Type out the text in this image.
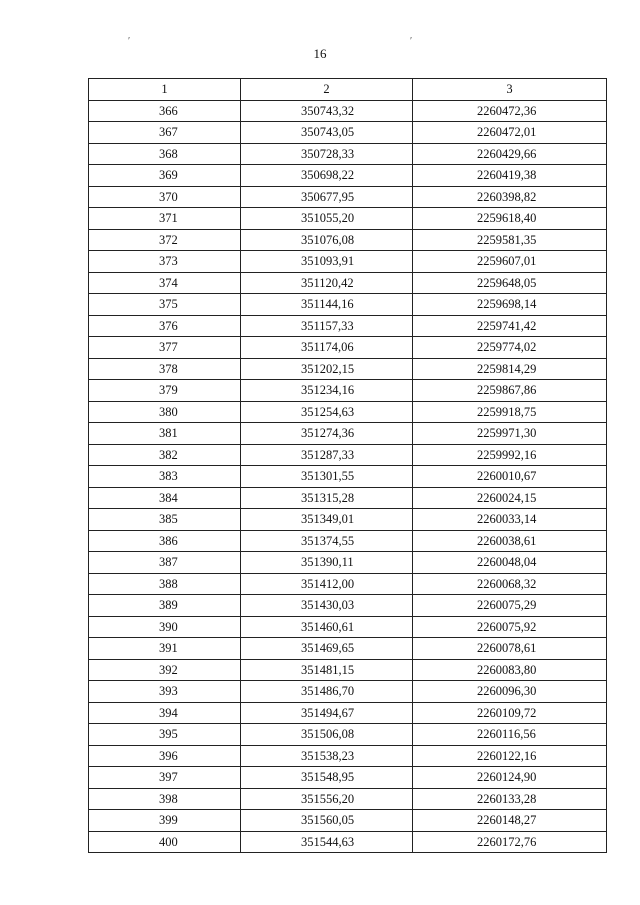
′	′
16
1	2	3
366	350743,32	2260472,36
367	350743,05	2260472,01
368	350728,33	2260429,66
369	350698,22	2260419,38
370	350677,95	2260398,82
371	351055,20	2259618,40
372	351076,08	2259581,35
373	351093,91	2259607,01
374	351120,42	2259648,05
375	351144,16	2259698,14
376	351157,33	2259741,42
377	351174,06	2259774,02
378	351202,15	2259814,29
379	351234,16	2259867,86
380	351254,63	2259918,75
381	351274,36	2259971,30
382	351287,33	2259992,16
383	351301,55	2260010,67
384	351315,28	2260024,15
385	351349,01	2260033,14
386	351374,55	2260038,61
387	351390,11	2260048,04
388	351412,00	2260068,32
389	351430,03	2260075,29
390	351460,61	2260075,92
391	351469,65	2260078,61
392	351481,15	2260083,80
393	351486,70	2260096,30
394	351494,67	2260109,72
395	351506,08	2260116,56
396	351538,23	2260122,16
397	351548,95	2260124,90
398	351556,20	2260133,28
399	351560,05	2260148,27
400	351544,63	2260172,76
